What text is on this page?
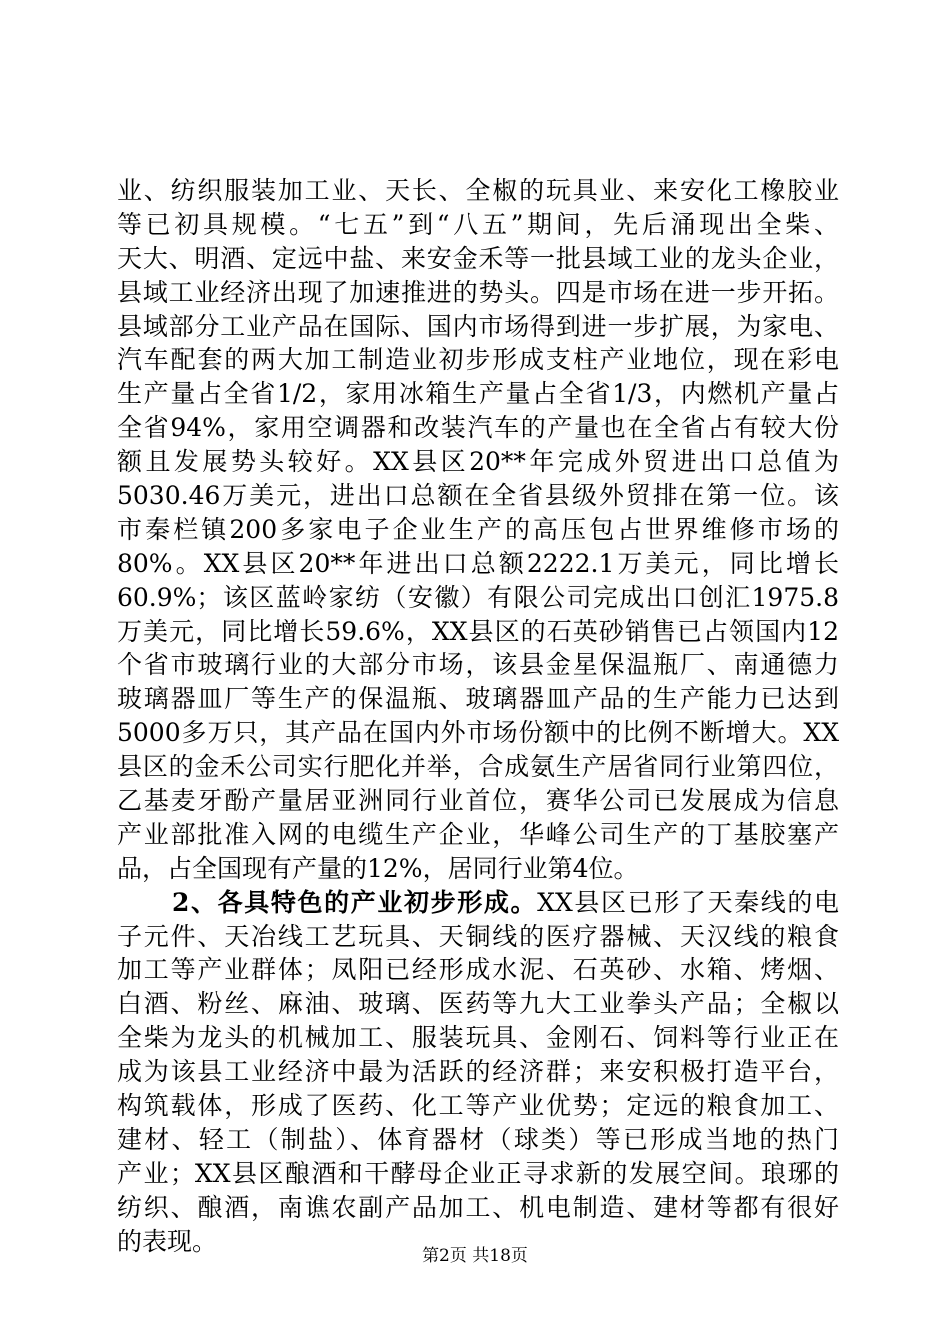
业、纺织服装加工业、天长、全椒的玩具业、来安化工橡胶业
等已初具规模。“七五”到“八五”期间，先后涌现出全柴、
天大、明酒、定远中盐、来安金禾等一批县域工业的龙头企业，
县域工业经济出现了加速推进的势头。四是市场在进一步开拓。
县域部分工业产品在国际、国内市场得到进一步扩展，为家电、
汽车配套的两大加工制造业初步形成支柱产业地位，现在彩电
生产量占全省1/2，家用冰箱生产量占全省1/3，内燃机产量占
全省94%，家用空调器和改装汽车的产量也在全省占有较大份
额且发展势头较好。XX县区20**年完成外贸进出口总值为
5030.46万美元，进出口总额在全省县级外贸排在第一位。该
市秦栏镇200多家电子企业生产的高压包占世界维修市场的
80%。XX县区20**年进出口总额2222.1万美元，同比增长
60.9%；该区蓝岭家纺（安徽）有限公司完成出口创汇1975.8
万美元，同比增长59.6%，XX县区的石英砂销售已占领国内12
个省市玻璃行业的大部分市场，该县金星保温瓶厂、南通德力
玻璃器皿厂等生产的保温瓶、玻璃器皿产品的生产能力已达到
5000多万只，其产品在国内外市场份额中的比例不断增大。XX
县区的金禾公司实行肥化并举，合成氨生产居省同行业第四位，
乙基麦牙酚产量居亚洲同行业首位，赛华公司已发展成为信息
产业部批准入网的电缆生产企业，华峰公司生产的丁基胶塞产
品，占全国现有产量的12%，居同行业第4位。
2、各具特色的产业初步形成。XX县区已形了天秦线的电
子元件、天冶线工艺玩具、天铜线的医疗器械、天汉线的粮食
加工等产业群体；凤阳已经形成水泥、石英砂、水箱、烤烟、
白酒、粉丝、麻油、玻璃、医药等九大工业拳头产品；全椒以
全柴为龙头的机械加工、服装玩具、金刚石、饲料等行业正在
成为该县工业经济中最为活跃的经济群；来安积极打造平台，
构筑载体，形成了医药、化工等产业优势；定远的粮食加工、
建材、轻工（制盐）、体育器材（球类）等已形成当地的热门
产业；XX县区酿酒和干酵母企业正寻求新的发展空间。琅琊的
纺织、酿酒，南谯农副产品加工、机电制造、建材等都有很好
的表现。
第2页 共18页
